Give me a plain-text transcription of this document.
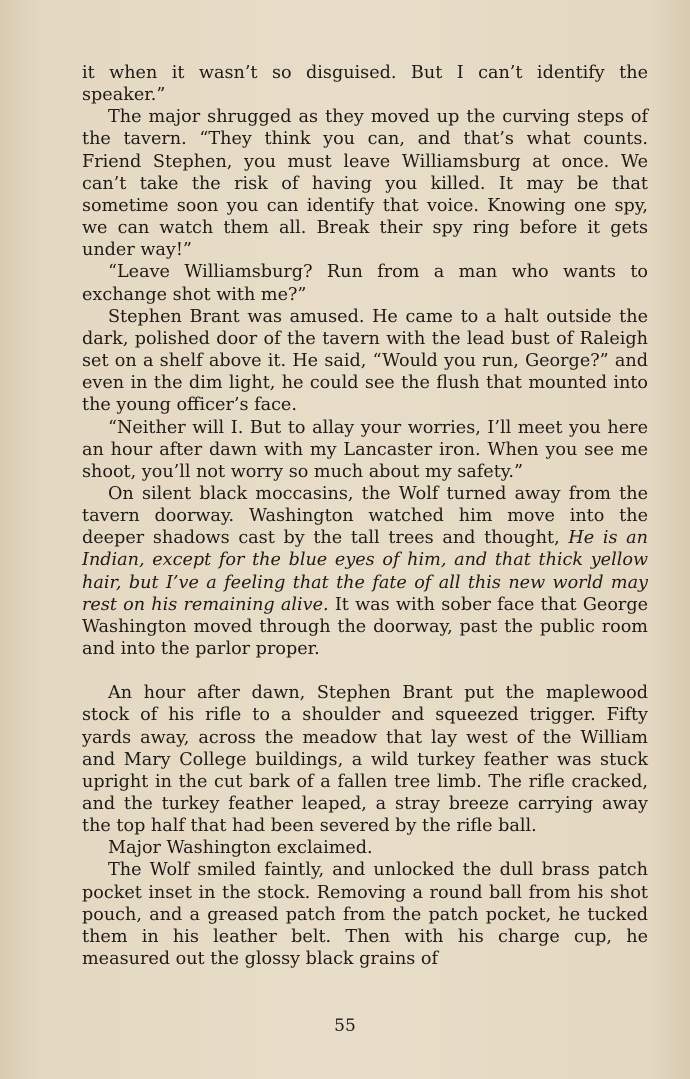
it when it wasn’t so disguised. But I can’t identify the speaker.”

The major shrugged as they moved up the curving steps of the tavern. “They think you can, and that’s what counts. Friend Stephen, you must leave Williamsburg at once. We can’t take the risk of having you killed. It may be that sometime soon you can identify that voice. Knowing one spy, we can watch them all. Break their spy ring before it gets under way!”

“Leave Williamsburg? Run from a man who wants to exchange shot with me?”

Stephen Brant was amused. He came to a halt outside the dark, polished door of the tavern with the lead bust of Raleigh set on a shelf above it. He said, “Would you run, George?” and even in the dim light, he could see the flush that mounted into the young officer’s face.

“Neither will I. But to allay your worries, I’ll meet you here an hour after dawn with my Lancaster iron. When you see me shoot, you’ll not worry so much about my safety.”

On silent black moccasins, the Wolf turned away from the tavern doorway. Washington watched him move into the deeper shadows cast by the tall trees and thought, He is an Indian, except for the blue eyes of him, and that thick yellow hair, but I’ve a feeling that the fate of all this new world may rest on his remaining alive. It was with sober face that George Washington moved through the doorway, past the public room and into the parlor proper.

An hour after dawn, Stephen Brant put the maplewood stock of his rifle to a shoulder and squeezed trigger. Fifty yards away, across the meadow that lay west of the William and Mary College buildings, a wild turkey feather was stuck upright in the cut bark of a fallen tree limb. The rifle cracked, and the turkey feather leaped, a stray breeze carrying away the top half that had been severed by the rifle ball.

Major Washington exclaimed.

The Wolf smiled faintly, and unlocked the dull brass patch pocket inset in the stock. Removing a round ball from his shot pouch, and a greased patch from the patch pocket, he tucked them in his leather belt. Then with his charge cup, he measured out the glossy black grains of

55
